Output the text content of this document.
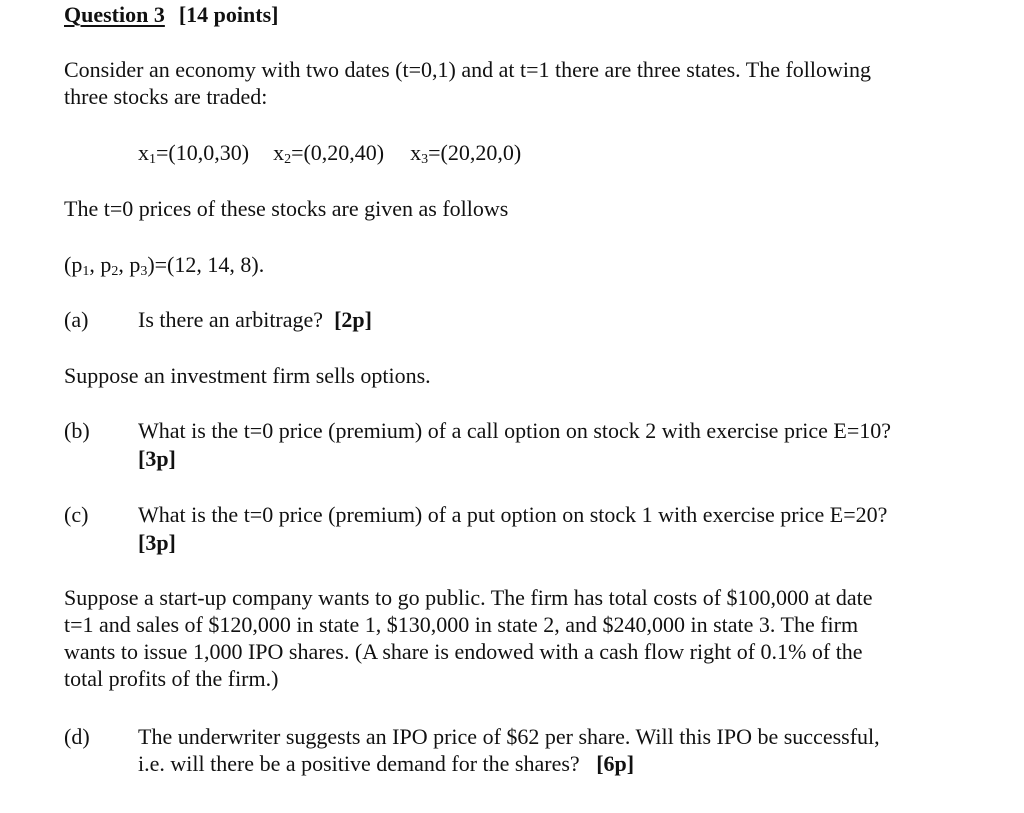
Question 3 [14 points]
Consider an economy with two dates (t=0,1) and at t=1 there are three states. The following
three stocks are traded:
$x_1=(10,0,30)$ $x_2=(0,20,40)$ $x_3=(20,20,0)$
The t=0 prices of these stocks are given as follows
($p_1$, $p_2$, $p_3)=(12$, 14, 8).
(a) Is there an arbitrage? [2p]
Suppose an investment firm sells options.
(b) What is the t=0 price (premium) of a call option on stock 2 with exercise price E=10?
[3p]
(c) What is the t=0 price (premium) of a put option on stock 1 with exercise price E=20?
[3p]
Suppose a start-up company wants to go public. The firm has total costs of $100,000 at date
t=1 and sales of $120,000 in state 1, $130,000 in state 2, and $240,000 in state 3. The firm
wants to issue 1,000 IPO shares. (A share is endowed with a cash flow right of 0.1% of the
total profits of the firm.)
(d) The underwriter suggests an IPO price of $62 per share. Will this IPO be successful,
i.e. will there be a positive demand for the shares? [6p]
